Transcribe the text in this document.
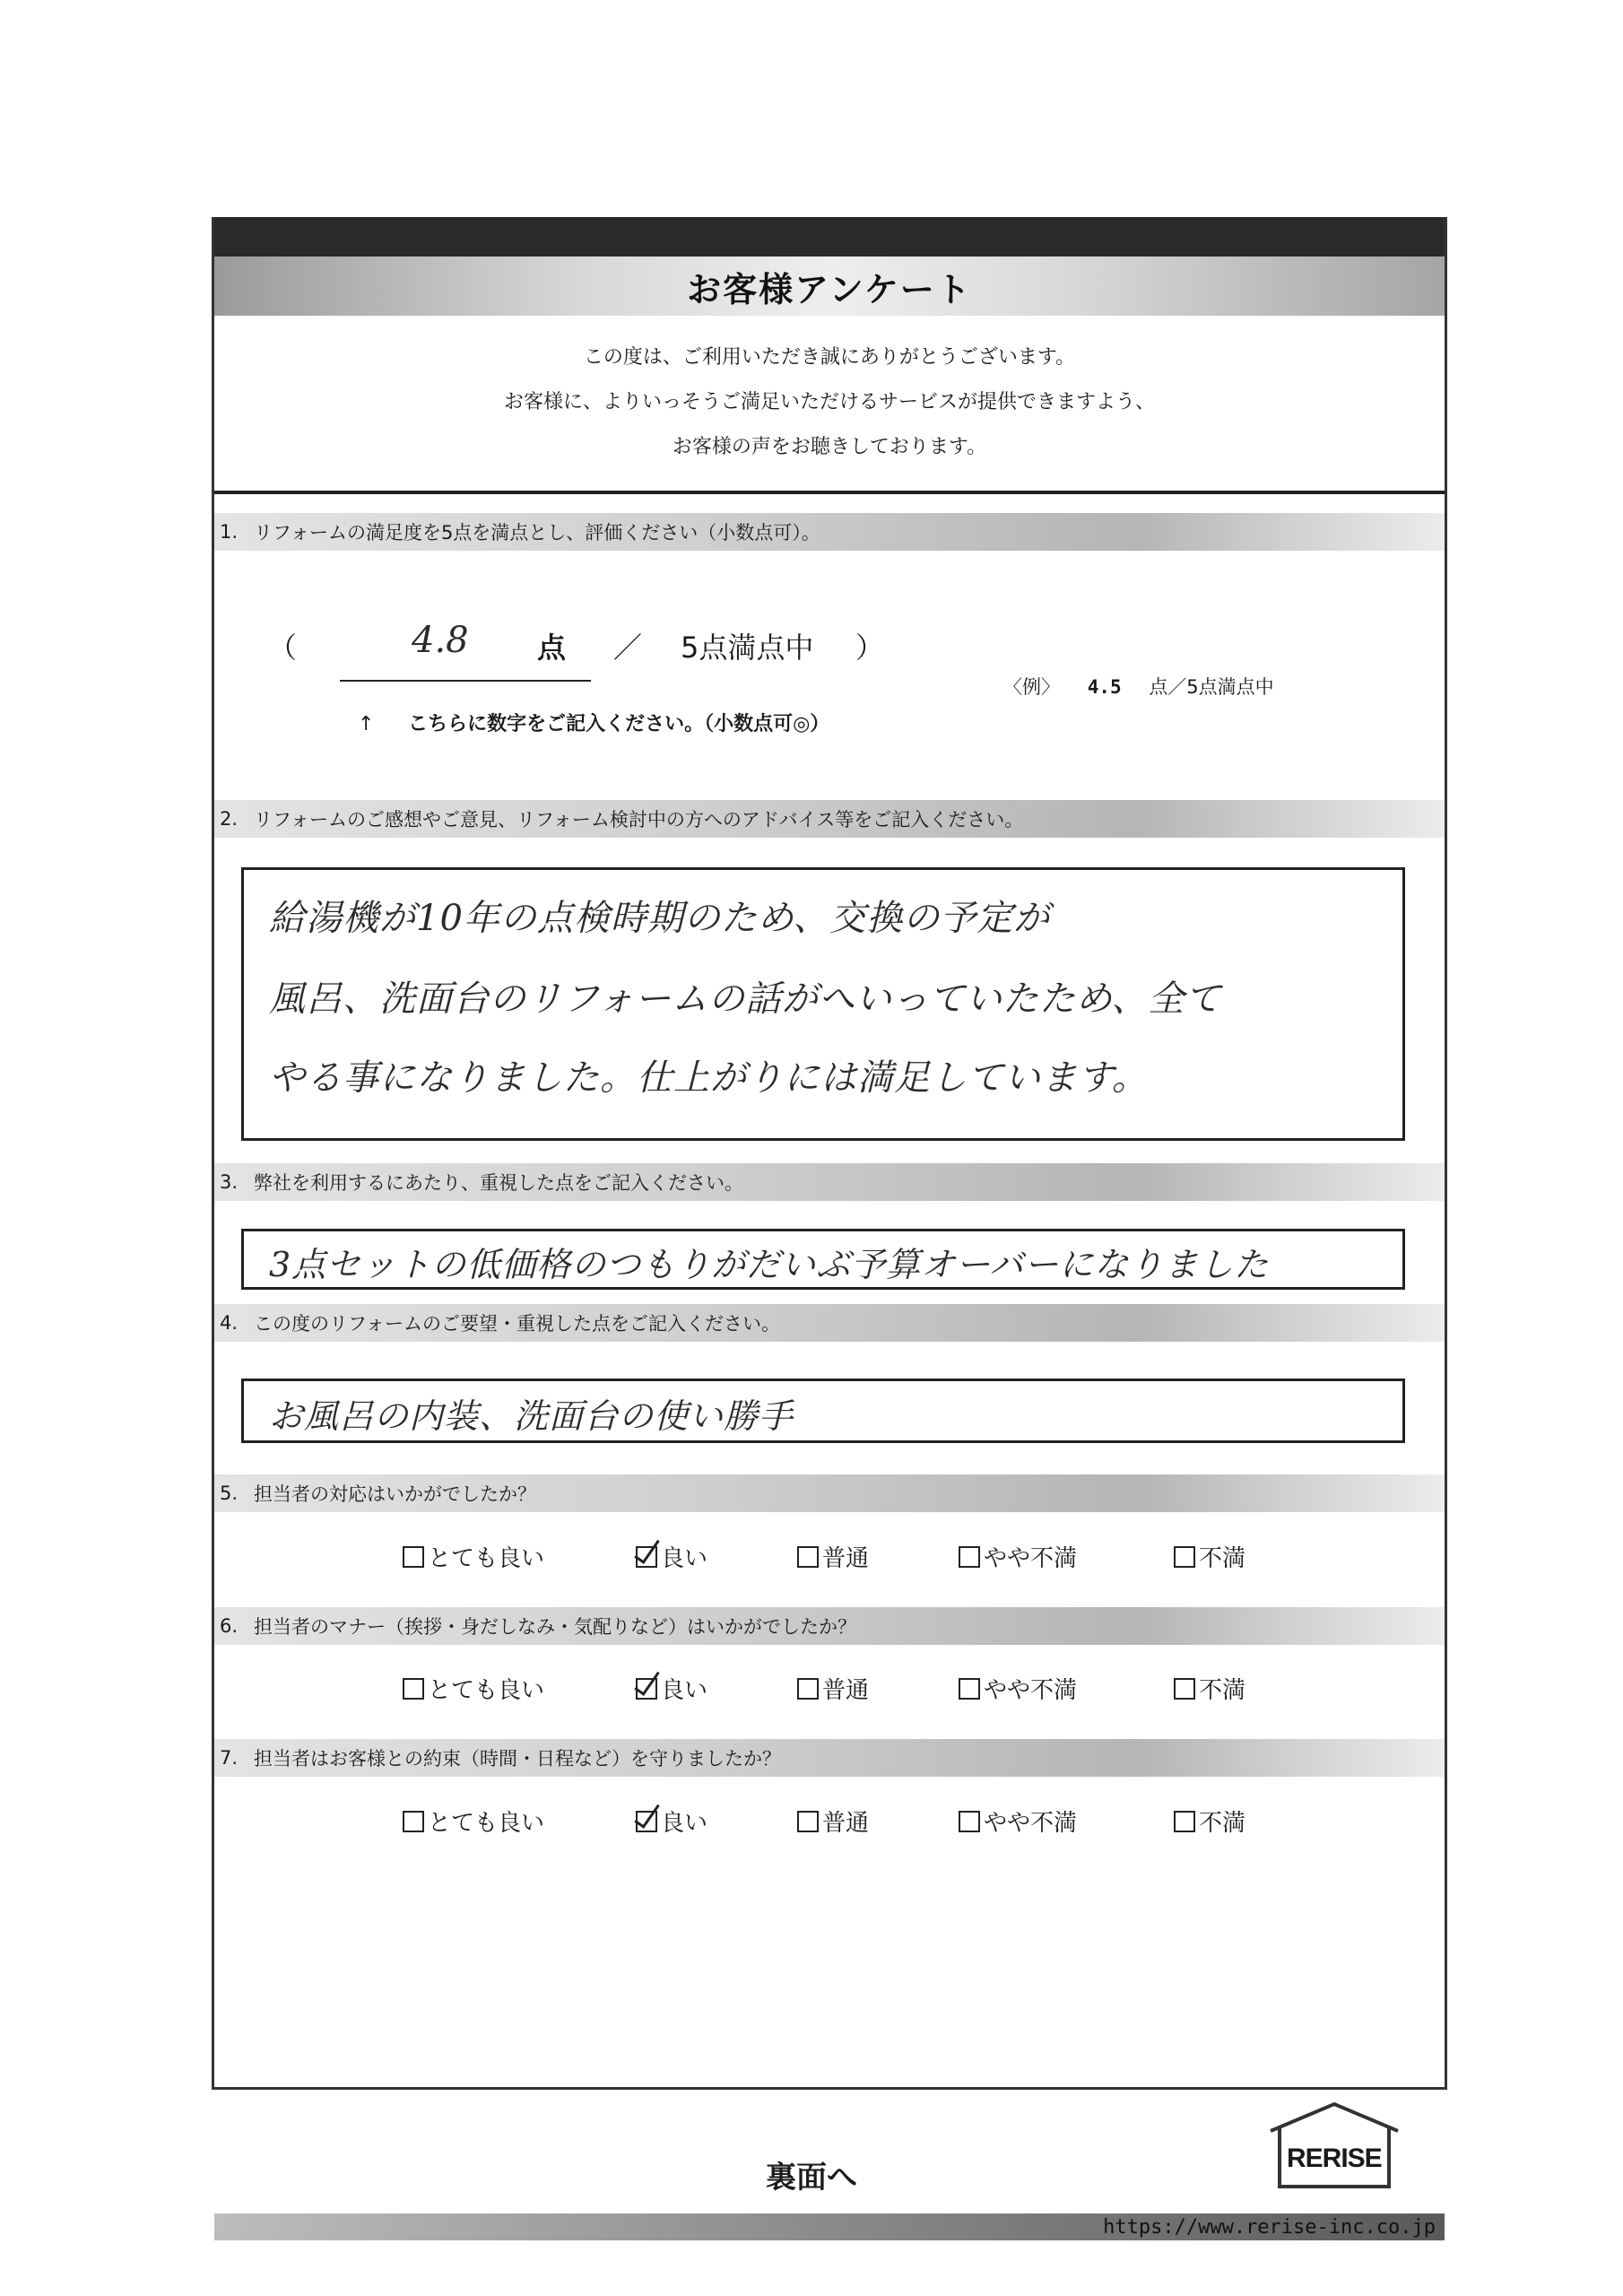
お客様アンケート
この度は、ご利用いただき誠にありがとうございます。
お客様に、よりいっそうご満足いただけるサービスが提供できますよう、
お客様の声をお聴きしております。
1. リフォームの満足度を5点を満点とし、評価ください（小数点可）。
（	4.8 点 ／ 5点満点中 ）
〈例〉 4.5 点／5点満点中
↑ こちらに数字をご記入ください。（小数点可◎）
2. リフォームのご感想やご意見、リフォーム検討中の方へのアドバイス等をご記入ください。
給湯機が10年の点検時期のため、交換の予定が
風呂、洗面台のリフォームの話がへいっていたため、全て
やる事になりました。仕上がりには満足しています。
3. 弊社を利用するにあたり、重視した点をご記入ください。
3点セットの低価格のつもりがだいぶ予算オーバーになりました
4. この度のリフォームのご要望・重視した点をご記入ください。
お風呂の内装、洗面台の使い勝手
5. 担当者の対応はいかがでしたか？
とても良い	良い	普通	やや不満	不満
6. 担当者のマナー（挨拶・身だしなみ・気配りなど）はいかがでしたか？
とても良い	良い	普通	やや不満	不満
7. 担当者はお客様との約束（時間・日程など）を守りましたか？
とても良い	良い	普通	やや不満	不満
裏面へ
RERISE
https://www.rerise-inc.co.jp
